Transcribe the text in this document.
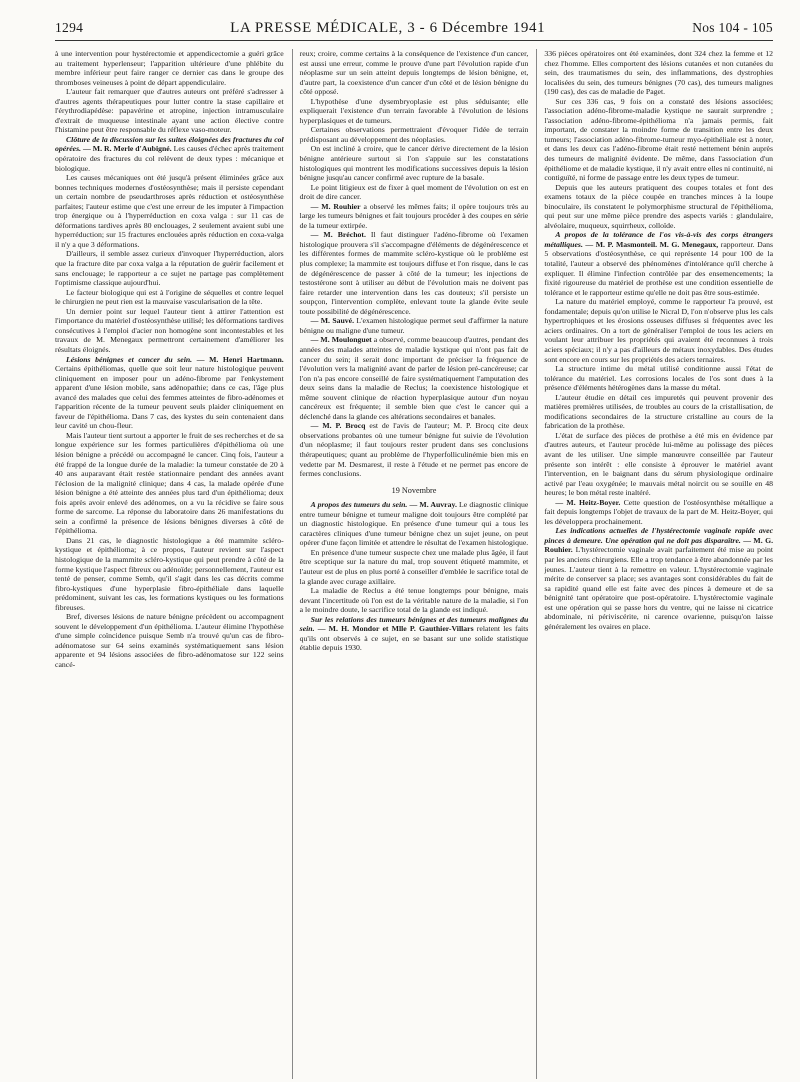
1294	LA PRESSE MÉDICALE, 3 - 6 Décembre 1941	Nos 104 - 105

à une intervention pour hystérectomie et appendicectomie a guéri grâce au traitement hyperlenseur; l'apparition ultérieure d'une phlébite du membre inférieur peut faire ranger ce dernier cas dans le groupe des thromboses veineuses à point de départ appendiculaire.

L'auteur fait remarquer que d'autres auteurs ont préféré s'adresser à d'autres agents thérapeutiques pour lutter contre la stase capillaire et l'érythrodiapédèse: papavérine et atropine, injection intramusculaire d'extrait de muqueuse intestinale ayant une action élective contre l'histamine peut être responsable du réflexe vaso-moteur.

Clôture de la discussion sur les suites éloignées des fractures du col opérées. — M. R. Merle d'Aubigné. Les causes d'échec après traitement opératoire des fractures du col relèvent de deux types : mécanique et biologique.

Les causes mécaniques ont été jusqu'à présent éliminées grâce aux bonnes techniques modernes d'ostéosynthèse; mais il persiste cependant un certain nombre de pseudarthroses après réduction et ostéosynthèse parfaites; l'auteur estime que c'est une erreur de les imputer à l'impaction trop énergique ou à l'hyperréduction en coxa valga : sur 11 cas de déformations tardives après 80 enclouages, 2 seulement avaient subi une hyperréduction; sur 15 fractures enclouées après réduction en coxa-valga il n'y a que 3 déformations.

D'ailleurs, il semble assez curieux d'invoquer l'hyperréduction, alors que la fracture dite par coxa valga a la réputation de guérir facilement et sans enclouage; le rapporteur a ce sujet ne partage pas complètement l'optimisme classique aujourd'hui.

Le facteur biologique qui est à l'origine de séquelles et contre lequel le chirurgien ne peut rien est la mauvaise vascularisation de la tête.

Un dernier point sur lequel l'auteur tient à attirer l'attention est l'importance du matériel d'ostéosynthèse utilisé; les déformations tardives consécutives à l'emploi d'acier non homogène sont incontestables et les travaux de M. Menegaux permettront certainement d'améliorer les résultats éloignés.

Lésions bénignes et cancer du sein. — M. Henri Hartmann. Certains épithéliomas, quelle que soit leur nature histologique peuvent cliniquement en imposer pour un adéno-fibrome par l'enkystement apparent d'une lésion mobile, sans adénopathie; dans ce cas, l'âge plus avancé des malades que celui des femmes atteintes de fibro-adénomes et l'apparition récente de la tumeur peuvent seuls plaider cliniquement en faveur de l'épithélioma. Dans 7 cas, des kystes du sein contenaient dans leur cavité un chou-fleur.

Mais l'auteur tient surtout a apporter le fruit de ses recherches et de sa longue expérience sur les formes particulières d'épithélioma où une lésion bénigne a précédé ou accompagné le cancer. Cinq fois, l'auteur a été frappé de la longue durée de la maladie: la tumeur constatée de 20 à 40 ans auparavant était restée stationnaire pendant des années avant l'éclosion de la malignité clinique; dans 4 cas, la malade opérée d'une lésion bénigne a été atteinte des années plus tard d'un épithélioma; deux fois après avoir enlevé des adénomes, on a vu la récidive se faire sous forme de sarcome. La réponse du laboratoire dans 26 manifestations du sein a confirmé la présence de lésions bénignes diverses à côté de l'épithélioma.

Dans 21 cas, le diagnostic histologique a été mammite scléro-kystique et épithélioma; à ce propos, l'auteur revient sur l'aspect histologique de la mammite scléro-kystique qui peut prendre à côté de la forme kystique l'aspect fibreux ou adénoïde; personnellement, l'auteur est tenté de penser, comme Semb, qu'il s'agit dans les cas décrits comme fibro-kystiques d'une hyperplasie fibro-épithéliale dans laquelle prédominent, suivant les cas, les formations kystiques ou les formations fibreuses.

Bref, diverses lésions de nature bénigne précèdent ou accompagnent souvent le développement d'un épithélioma. L'auteur élimine l'hypothèse d'une simple coïncidence puisque Semb n'a trouvé qu'un cas de fibro-adénomatose sur 64 seins examinés systématiquement sans lésion apparente et 94 lésions associées de fibro-adénomatose sur 122 seins cancé-

reux; croire, comme certains à la conséquence de l'existence d'un cancer, est aussi une erreur, comme le prouve d'une part l'évolution rapide d'un néoplasme sur un sein atteint depuis longtemps de lésion bénigne, et, d'autre part, la coexistence d'un cancer d'un côté et de lésion bénigne du côté opposé.

L'hypothèse d'une dysembryoplasie est plus séduisante; elle expliquerait l'existence d'un terrain favorable à l'évolution de lésions hyperplasiques et de tumeurs.

Certaines observations permettraient d'évoquer l'idée de terrain prédisposant au développement des néoplasies.

On est incliné à croire, que le cancer dérive directement de la lésion bénigne antérieure surtout si l'on s'appuie sur les constatations histologiques qui montrent les modifications successives depuis la lésion bénigne jusqu'au cancer confirmé avec rupture de la basale.

Le point litigieux est de fixer à quel moment de l'évolution on est en droit de dire cancer.

— M. Rouhier a observé les mêmes faits; il opère toujours très au large les tumeurs bénignes et fait toujours procéder à des coupes en série de la tumeur extirpée.

— M. Bréchot. Il faut distinguer l'adéno-fibrome où l'examen histologique prouvera s'il s'accompagne d'éléments de dégénérescence et les différentes formes de mammite scléro-kystique où le problème est plus complexe; la mammite est toujours diffuse et l'on risque, dans le cas de dégénérescence de passer à côté de la tumeur; les injections de testostérone sont à utiliser au début de l'évolution mais ne doivent pas faire retarder une intervention dans les cas douteux; s'il persiste un soupçon, l'intervention complète, enlevant toute la glande évite seule toute possibilité de dégénérescence.

— M. Sauvé. L'examen histologique permet seul d'affirmer la nature bénigne ou maligne d'une tumeur.

— M. Moulonguet a observé, comme beaucoup d'autres, pendant des années des malades atteintes de maladie kystique qui n'ont pas fait de cancer du sein; il serait donc important de préciser la fréquence de l'évolution vers la malignité avant de parler de lésion pré-cancéreuse; car l'on n'a pas encore conseillé de faire systématiquement l'amputation des deux seins dans la maladie de Reclus; la coexistence histologique et même souvent clinique de réaction hyperplasique autour d'un noyau cancéreux est fréquente; il semble bien que c'est le cancer qui a déclenché dans la glande ces altérations secondaires et banales.

— M. P. Brocq est de l'avis de l'auteur; M. P. Brocq cite deux observations probantes où une tumeur bénigne fut suivie de l'évolution d'un néoplasme; il faut toujours rester prudent dans ses conclusions thérapeutiques; quant au problème de l'hyperfolliculinémie bien mis en vedette par M. Desmarest, il reste à l'étude et ne permet pas encore de fermes conclusions.

19 Novembre

A propos des tumeurs du sein. — M. Auvray. Le diagnostic clinique entre tumeur bénigne et tumeur maligne doit toujours être complété par un diagnostic histologique. En présence d'une tumeur qui a tous les caractères cliniques d'une tumeur bénigne chez un sujet jeune, on peut opérer d'une façon limitée et attendre le résultat de l'examen histologique.

En présence d'une tumeur suspecte chez une malade plus âgée, il faut être sceptique sur la nature du mal, trop souvent étiqueté mammite, et l'auteur est de plus en plus porté à conseiller d'emblée le sacrifice total de la glande avec curage axillaire.

La maladie de Reclus a été tenue longtemps pour bénigne, mais devant l'incertitude où l'on est de la véritable nature de la maladie, si l'on a le moindre doute, le sacrifice total de la glande est indiqué.

Sur les relations des tumeurs bénignes et des tumeurs malignes du sein. — M. H. Mondor et Mlle P. Gauthier-Villars relatent les faits qu'ils ont observés à ce sujet, en se basant sur une solide statistique établie depuis 1930.

336 pièces opératoires ont été examinées, dont 324 chez la femme et 12 chez l'homme. Elles comportent des lésions cutanées et non cutanées du sein, des traumatismes du sein, des inflammations, des dystrophies localisées du sein, des tumeurs bénignes (70 cas), des tumeurs malignes (190 cas), des cas de maladie de Paget.

Sur ces 336 cas, 9 fois on a constaté des lésions associées; l'association adéno-fibrome-maladie kystique ne saurait surprendre ; l'association adéno-fibrome-épithélioma n'a jamais permis, fait important, de constater la moindre forme de transition entre les deux tumeurs; l'association adéno-fibrome-tumeur myo-épithéliale est à noter, et dans les deux cas l'adéno-fibrome était resté nettement bénin auprès des tumeurs de malignité évidente. De même, dans l'association d'un épithéliome et de maladie kystique, il n'y avait entre elles ni continuité, ni contiguïté, ni forme de passage entre les deux types de tumeur.

Depuis que les auteurs pratiquent des coupes totales et font des examens totaux de la pièce coupée en tranches minces à la loupe binoculaire, ils constatent le polymorphisme structural de l'épithélioma, qui peut sur une même pièce prendre des aspects variés : glandulaire, alvéolaire, muqueux, squirrheux, colloïde.

A propos de la tolérance de l'os vis-à-vis des corps étrangers métalliques. — M. P. Masmonteil. M. G. Menegaux, rapporteur. Dans 5 observations d'ostéosynthèse, ce qui représente 14 pour 100 de la totalité, l'auteur a observé des phénomènes d'intolérance qu'il cherche à expliquer. Il élimine l'infection contrôlée par des ensemencements; la fixité rigoureuse du matériel de prothèse est une condition essentielle de tolérance et le rapporteur estime qu'elle ne doit pas être sous-estimée.

La nature du matériel employé, comme le rapporteur l'a prouvé, est fondamentale; depuis qu'on utilise le Nicral D, l'on n'observe plus les cals hypertrophiques et les érosions osseuses diffuses si fréquentes avec les aciers ordinaires. On a tort de généraliser l'emploi de tous les aciers en voulant leur attribuer les propriétés qui avaient été reconnues à trois aciers spéciaux; il n'y a pas d'ailleurs de métaux inoxydables. Des études sont encore en cours sur les propriétés des aciers ternaires.

La structure intime du métal utilisé conditionne aussi l'état de tolérance du matériel. Les corrosions locales de l'os sont dues à la présence d'éléments hétérogènes dans la masse du métal.

L'auteur étudie en détail ces impuretés qui peuvent provenir des matières premières utilisées, de troubles au cours de la cristallisation, de modifications secondaires de la structure cristalline au cours de la fabrication de la prothèse.

L'état de surface des pièces de prothèse a été mis en évidence par d'autres auteurs, et l'auteur procède lui-même au polissage des pièces avant de les utiliser. Une simple manœuvre conseillée par l'auteur présente son intérêt : elle consiste à éprouver le matériel avant l'intervention, en le baignant dans du sérum physiologique ordinaire activé par l'eau oxygénée; le mauvais métal noircit ou se souille en 48 heures; le bon métal reste inaltéré.

— M. Heitz-Boyer. Cette question de l'ostéosynthèse métallique a fait depuis longtemps l'objet de travaux de la part de M. Heitz-Boyer, qui les développera prochainement.

Les indications actuelles de l'hystérectomie vaginale rapide avec pinces à demeure. Une opération qui ne doit pas disparaître. — M. G. Rouhier. L'hystérectomie vaginale avait parfaitement été mise au point par les anciens chirurgiens. Elle a trop tendance à être abandonnée par les jeunes. L'auteur tient à la remettre en valeur. L'hystérectomie vaginale mérite de conserver sa place; ses avantages sont considérables du fait de sa rapidité quand elle est faite avec des pinces à demeure et de sa bénignité tant opératoire que post-opératoire. L'hystérectomie vaginale est une opération qui se passe hors du ventre, qui ne laisse ni cicatrice abdominale, ni périviscérite, ni carence ovarienne, puisqu'on laisse généralement les ovaires en place.
